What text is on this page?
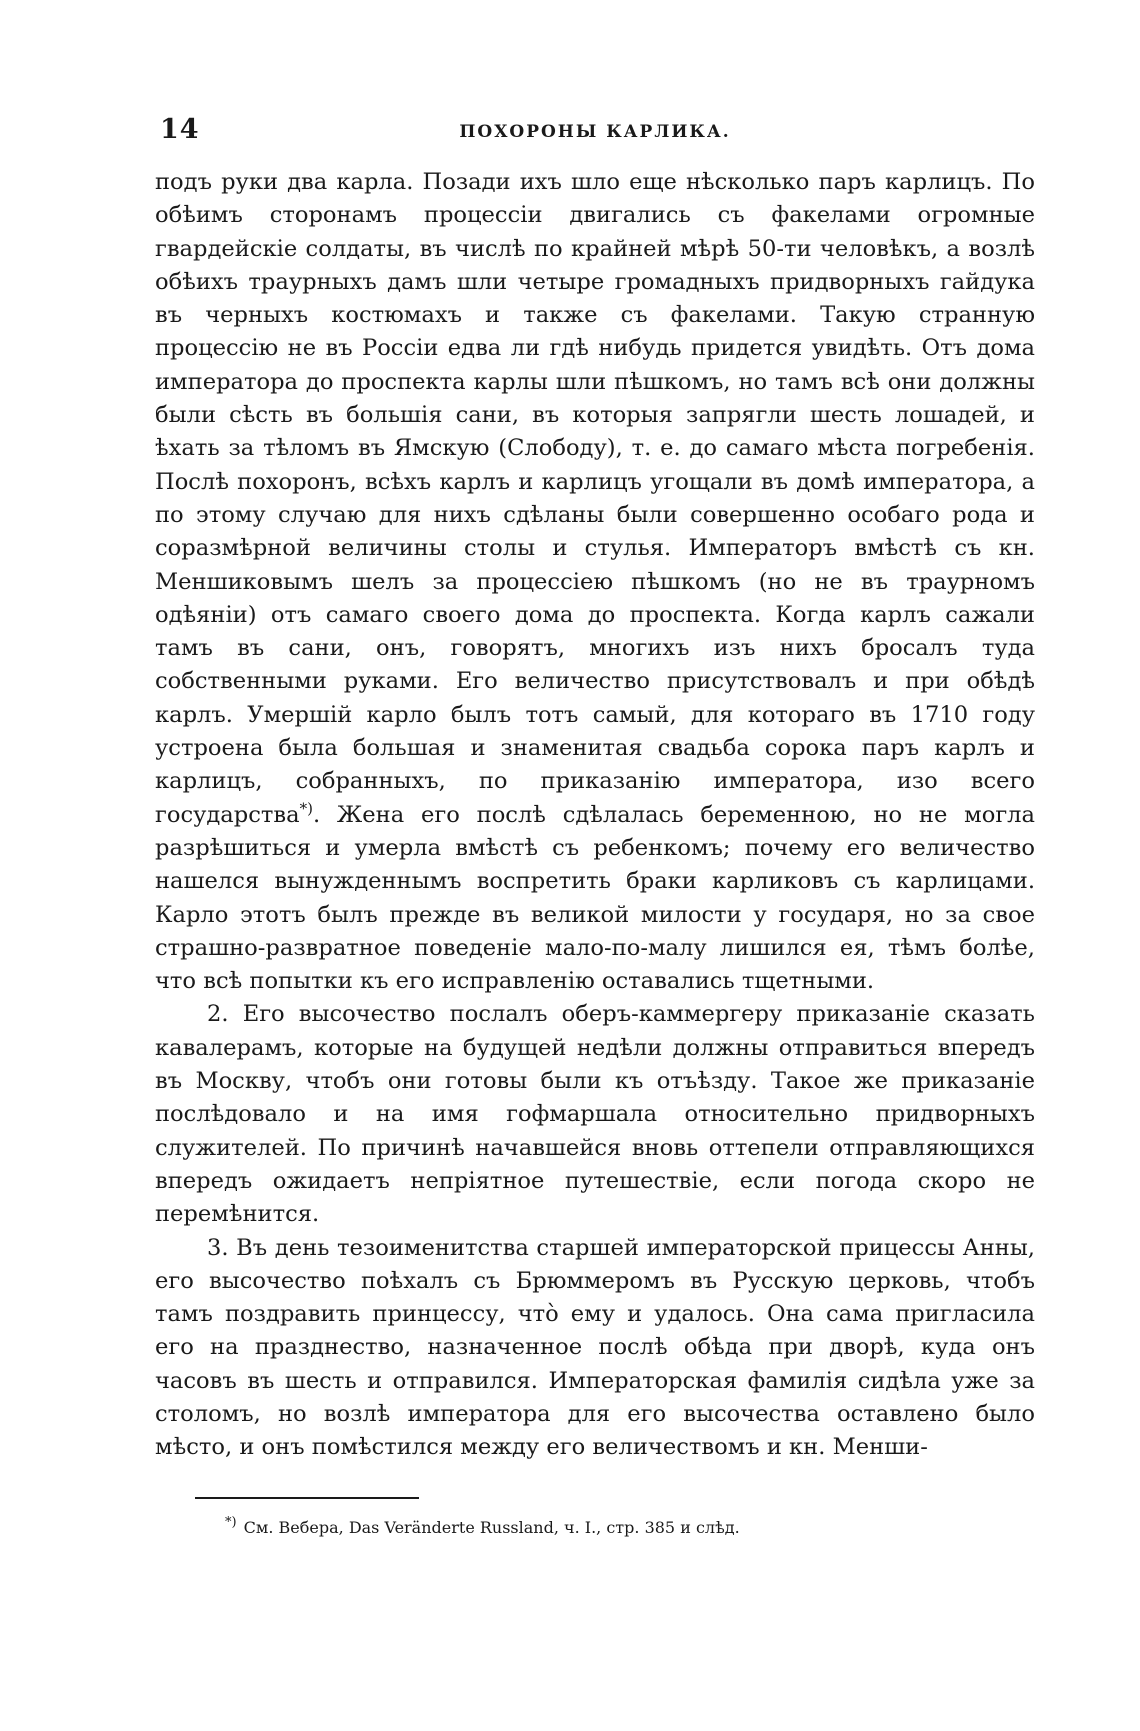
14	ПОХОРОНЫ КАРЛИКА.

подъ руки два карла. Позади ихъ шло еще нѣсколько паръ карлицъ. По обѣимъ сторонамъ процессіи двигались съ факелами огромные гвардейскіе солдаты, въ числѣ по крайней мѣрѣ 50-ти человѣкъ, а возлѣ обѣихъ траурныхъ дамъ шли четыре громадныхъ придворныхъ гайдука въ черныхъ костюмахъ и также съ факелами. Такую странную процессію не въ Россіи едва ли гдѣ нибудь придется увидѣть. Отъ дома императора до проспекта карлы шли пѣшкомъ, но тамъ всѣ они должны были сѣсть въ большія сани, въ которыя запрягли шесть лошадей, и ѣхать за тѣломъ въ Ямскую (Слободу), т. е. до самаго мѣста погребенія. Послѣ похоронъ, всѣхъ карлъ и карлицъ угощали въ домѣ императора, а по этому случаю для нихъ сдѣланы были совершенно особаго рода и соразмѣрной величины столы и стулья. Императоръ вмѣстѣ съ кн. Меншиковымъ шелъ за процессіею пѣшкомъ (но не въ траурномъ одѣяніи) отъ самаго своего дома до проспекта. Когда карлъ сажали тамъ въ сани, онъ, говорятъ, многихъ изъ нихъ бросалъ туда собственными руками. Его величество присутствовалъ и при обѣдѣ карлъ. Умершій карло былъ тотъ самый, для котораго въ 1710 году устроена была большая и знаменитая свадьба сорока паръ карлъ и карлицъ, собранныхъ, по приказанію императора, изо всего государства*). Жена его послѣ сдѣлалась беременною, но не могла разрѣшиться и умерла вмѣстѣ съ ребенкомъ; почему его величество нашелся вынужденнымъ воспретить браки карликовъ съ карлицами. Карло этотъ былъ прежде въ великой милости у государя, но за свое страшно-развратное поведеніе мало-по-малу лишился ея, тѣмъ болѣе, что всѣ попытки къ его исправленію оставались тщетными.

2. Его высочество послалъ оберъ-каммергеру приказаніе сказать кавалерамъ, которые на будущей недѣли должны отправиться впередъ въ Москву, чтобъ они готовы были къ отъѣзду. Такое же приказаніе послѣдовало и на имя гофмаршала относительно придворныхъ служителей. По причинѣ начавшейся вновь оттепели отправляющихся впередъ ожидаетъ непріятное путешествіе, если погода скоро не перемѣнится.

3. Въ день тезоименитства старшей императорской прицессы Анны, его высочество поѣхалъ съ Брюммеромъ въ Русскую церковь, чтобъ тамъ поздравить принцессу, что̀ ему и удалось. Она сама пригласила его на празднество, назначенное послѣ обѣда при дворѣ, куда онъ часовъ въ шесть и отправился. Императорская фамилія сидѣла уже за столомъ, но возлѣ императора для его высочества оставлено было мѣсто, и онъ помѣстился между его величествомъ и кн. Менши-

*) См. Вебера, Das Veränderte Russland, ч. I., стр. 385 и слѣд.
